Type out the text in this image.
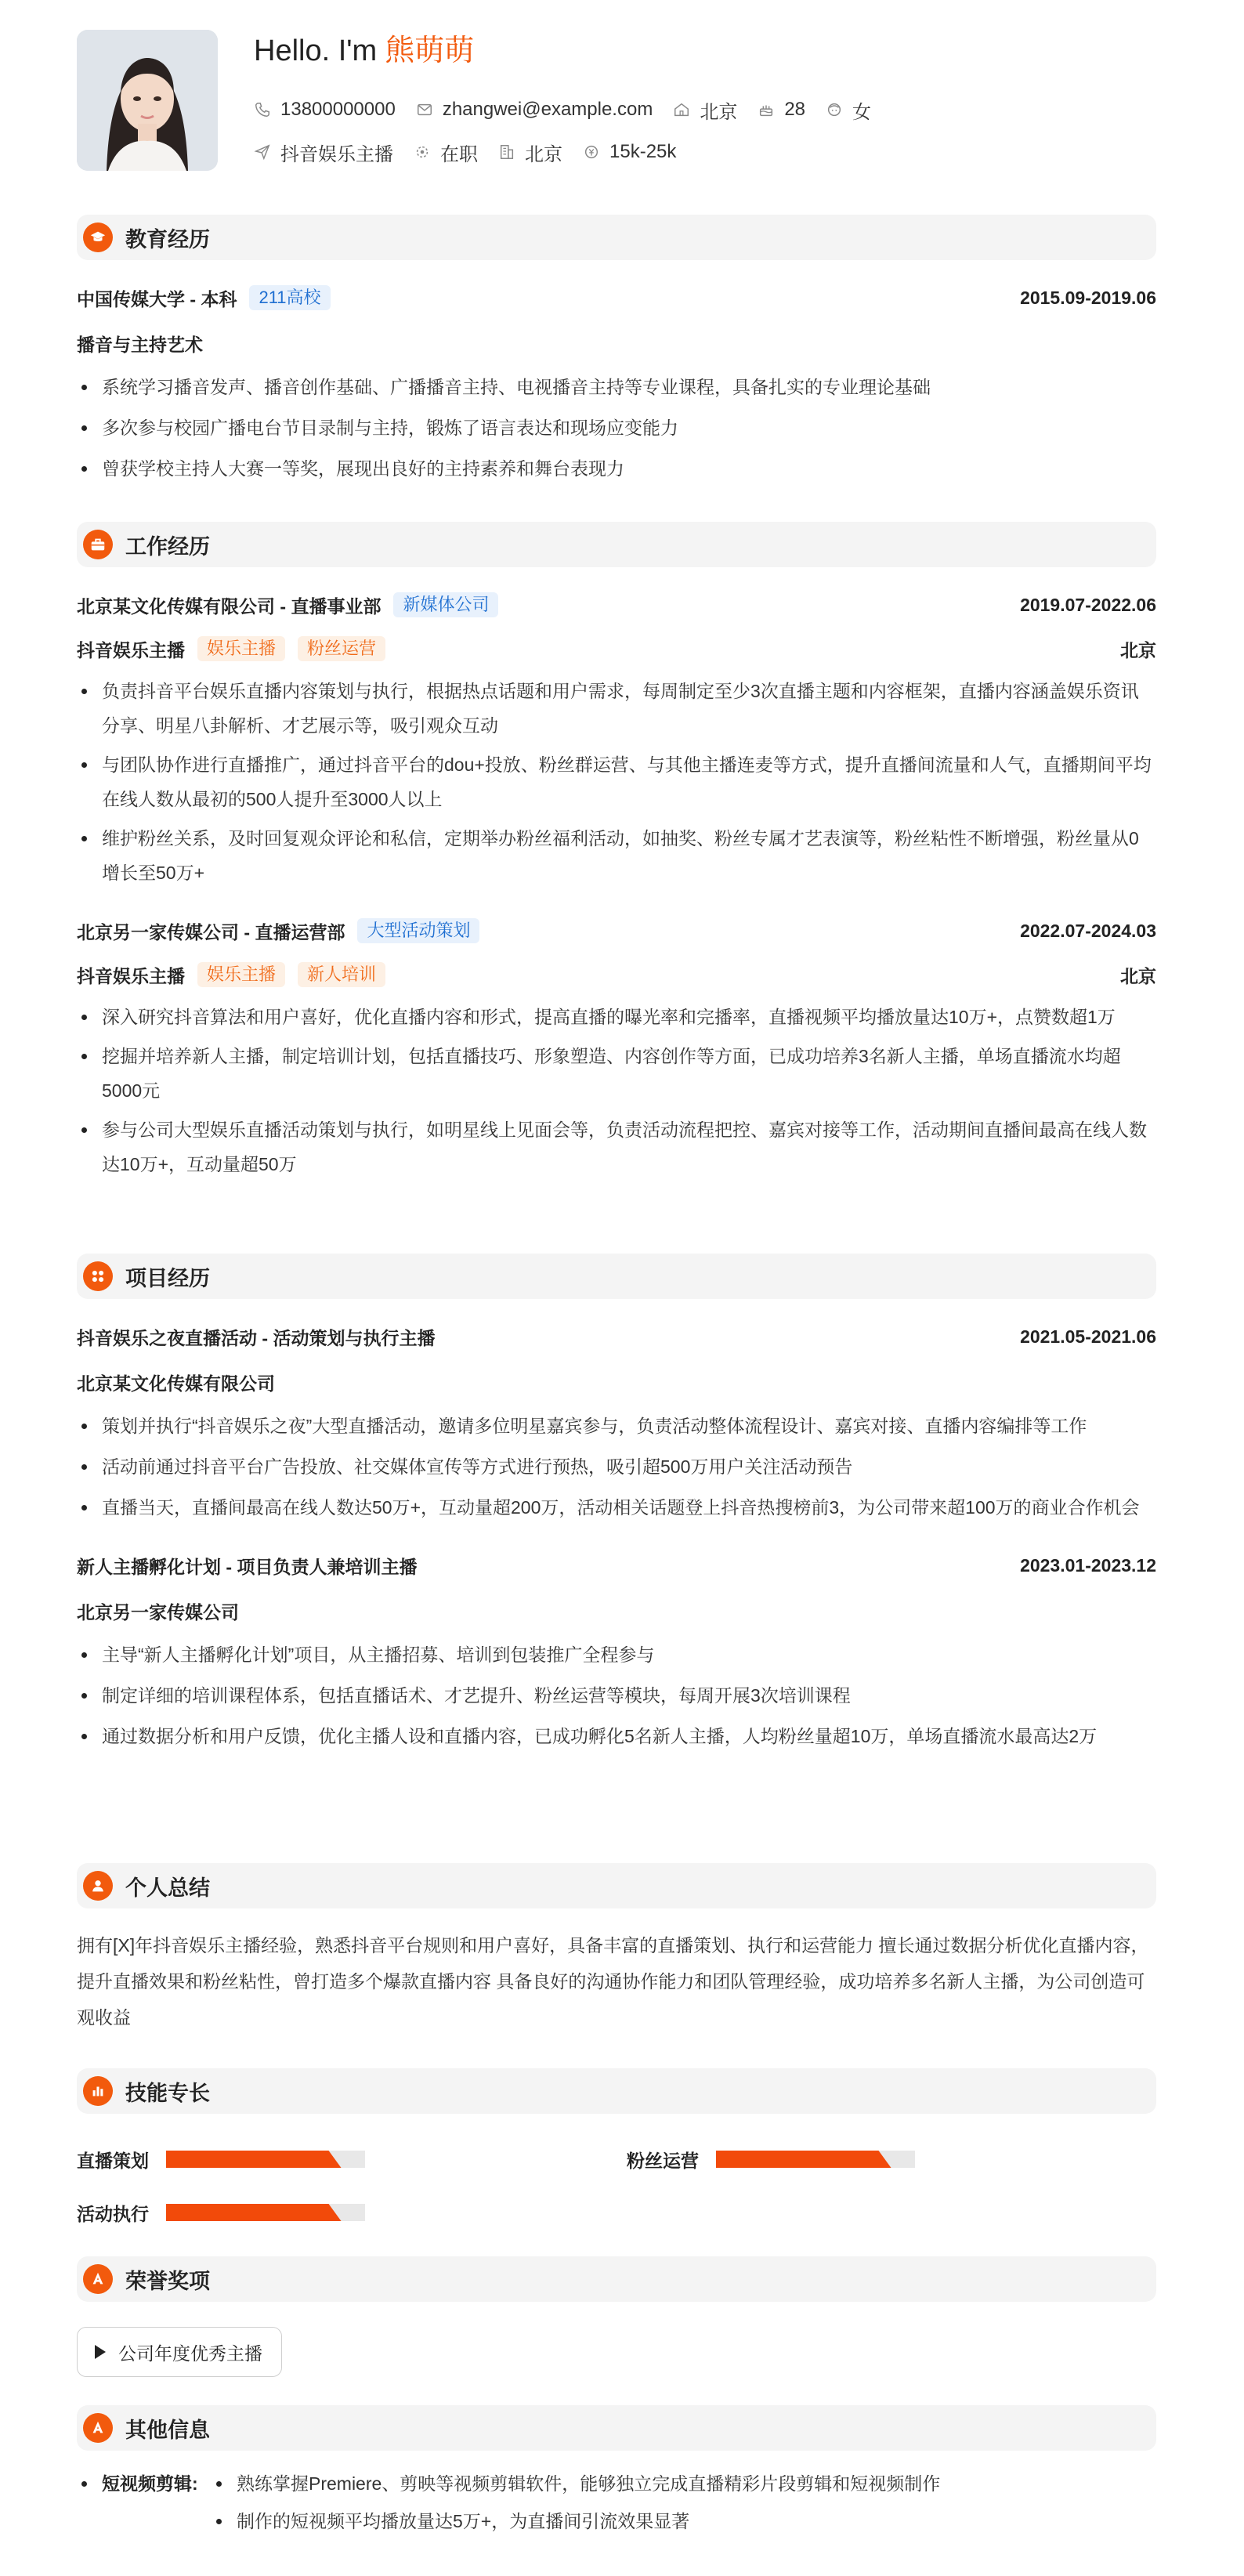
Hello. I'm 熊萌萌
13800000000	zhangwei@example.com	北京	28	女
抖音娱乐主播	在职	北京	15k-25k
教育经历
中国传媒大学 - 本科	211高校	2015.09-2019.06
播音与主持艺术
系统学习播音发声、播音创作基础、广播播音主持、电视播音主持等专业课程，具备扎实的专业理论基础
多次参与校园广播电台节目录制与主持，锻炼了语言表达和现场应变能力
曾获学校主持人大赛一等奖，展现出良好的主持素养和舞台表现力
工作经历
北京某文化传媒有限公司 - 直播事业部	新媒体公司	2019.07-2022.06
抖音娱乐主播	娱乐主播	粉丝运营	北京
负责抖音平台娱乐直播内容策划与执行，根据热点话题和用户需求，每周制定至少3次直播主题和内容框架，直播内容涵盖娱乐资讯分享、明星八卦解析、才艺展示等，吸引观众互动
与团队协作进行直播推广，通过抖音平台的dou+投放、粉丝群运营、与其他主播连麦等方式，提升直播间流量和人气，直播期间平均在线人数从最初的500人提升至3000人以上
维护粉丝关系，及时回复观众评论和私信，定期举办粉丝福利活动，如抽奖、粉丝专属才艺表演等，粉丝粘性不断增强，粉丝量从0增长至50万+
北京另一家传媒公司 - 直播运营部	大型活动策划	2022.07-2024.03
抖音娱乐主播	娱乐主播	新人培训	北京
深入研究抖音算法和用户喜好，优化直播内容和形式，提高直播的曝光率和完播率，直播视频平均播放量达10万+，点赞数超1万
挖掘并培养新人主播，制定培训计划，包括直播技巧、形象塑造、内容创作等方面，已成功培养3名新人主播，单场直播流水均超5000元
参与公司大型娱乐直播活动策划与执行，如明星线上见面会等，负责活动流程把控、嘉宾对接等工作，活动期间直播间最高在线人数达10万+，互动量超50万
项目经历
抖音娱乐之夜直播活动 - 活动策划与执行主播	2021.05-2021.06
北京某文化传媒有限公司
策划并执行“抖音娱乐之夜”大型直播活动，邀请多位明星嘉宾参与，负责活动整体流程设计、嘉宾对接、直播内容编排等工作
活动前通过抖音平台广告投放、社交媒体宣传等方式进行预热，吸引超500万用户关注活动预告
直播当天，直播间最高在线人数达50万+，互动量超200万，活动相关话题登上抖音热搜榜前3，为公司带来超100万的商业合作机会
新人主播孵化计划 - 项目负责人兼培训主播	2023.01-2023.12
北京另一家传媒公司
主导“新人主播孵化计划”项目，从主播招募、培训到包装推广全程参与
制定详细的培训课程体系，包括直播话术、才艺提升、粉丝运营等模块，每周开展3次培训课程
通过数据分析和用户反馈，优化主播人设和直播内容，已成功孵化5名新人主播，人均粉丝量超10万，单场直播流水最高达2万
个人总结

拥有[X]年抖音娱乐主播经验，熟悉抖音平台规则和用户喜好，具备丰富的直播策划、执行和运营能力 擅长通过数据分析优化直播内容，提升直播效果和粉丝粘性，曾打造多个爆款直播内容 具备良好的沟通协作能力和团队管理经验，成功培养多名新人主播，为公司创造可观收益

技能专长
直播策划	粉丝运营
活动执行
荣誉奖项
公司年度优秀主播
其他信息
短视频剪辑:	熟练掌握Premiere、剪映等视频剪辑软件，能够独立完成直播精彩片段剪辑和短视频制作
制作的短视频平均播放量达5万+，为直播间引流效果显著
